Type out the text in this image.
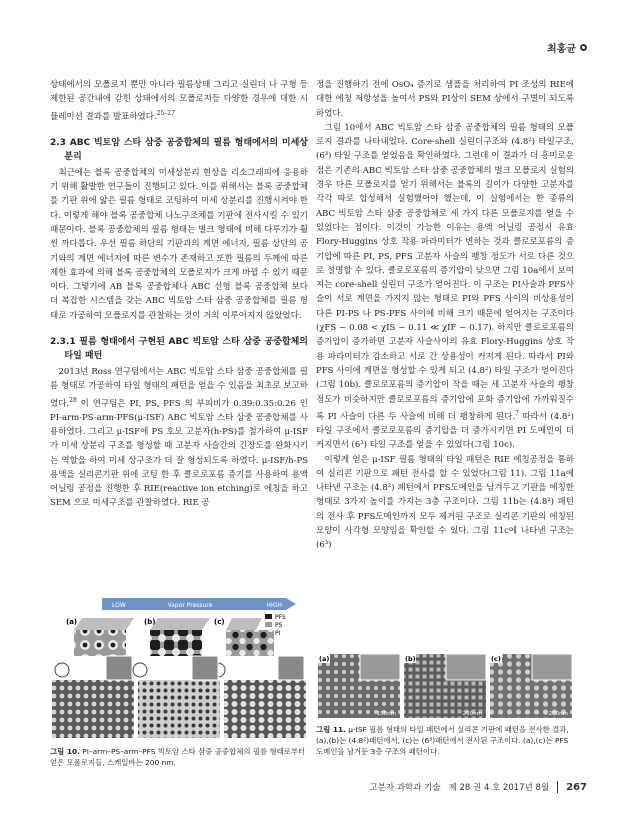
최홍균

상태에서의 모폴로지 뿐만 아니라 필름상태 그리고 실린더 나 구형 등 제한된 공간내에 갇힌 상태에서의 모폴로지등 다양한 경우에 대한 시뮬레이션 결과를 발표하였다.$^{25-27}$

2.3 ABC 빅토암 스타 삼중 공중합체의 필름 형태에서의 미세상분리

최근에는 블록 공중합체의 미세상분리 현상을 리소그래피에 응용하기 위해 활발한 연구들이 진행되고 있다. 이를 위해서는 블록 공중합체를 기판 위에 얇은 필름 형태로 코팅하여 미세 상분리를 진행시켜야 한다. 이렇게 해야 블록 공중합체 나노구조체를 기판에 전사시킬 수 있기 때문이다. 블록 공중합체의 필름 형태는 벌크 형태에 비해 다루기가 훨씬 까다롭다. 우선 필름 하단의 기판과의 계면 에너지, 필름 상단의 공기와의 계면 에너지에 따른 변수가 존재하고 또한 필름의 두께에 따른 제한 효과에 의해 블록 공중합체의 모폴로지가 크게 바뀔 수 있기 때문이다. 그렇기에 AB 블록 공중합체나 ABC 선형 블록 공중합체 보다 더 복잡한 시스템을 갖는 ABC 빅토암 스타 삼중 공중합체를 필름 형태로 가공하여 모폴로지를 관찰하는 것이 거의 이루어지지 않았었다.

2.3.1 필름 형태에서 구현된 ABC 빅토암 스타 삼중 공중합체의 타일 패턴

2013년 Ross 연구팀에서는 ABC 빅토암 스타 삼중 공중합체를 필름 형태로 가공하여 타일 형태의 패턴을 얻을 수 있음을 최초로 보고하였다.$^{28}$ 이 연구팀은 PI, PS, PFS 의 부피비가 0.39:0.35:0.26 인 PI-arm-PS-arm-PFS(μ-ISF) ABC 빅토암 스타 삼중 공중합체를 사용하였다. 그리고 μ-ISF에 PS 호모 고분자(h-PS)를 첨가하여 μ-ISF가 미세 상분리 구조를 형성할 때 고분자 사슬간의 긴장도를 완화시키는 역할을 하여 미세 상구조가 더 잘 형성되도록 하였다. μ-ISF/h-PS 용액을 실리콘기판 위에 코팅 한 후 클로로포름 증기를 사용하여 용액 어닐링 공정을 진행한 후 RIE(reactive ion etching)로 에칭을 하고 SEM 으로 미세구조를 관찰하였다. RIE 공

정을 진행하기 전에 OsO₄ 증기로 샘플을 처리하여 PI 조성의 RIE에 대한 에칭 저항성을 높여서 PS와 PI상이 SEM 상에서 구별이 되도록 하였다.

그림 10에서 ABC 빅토암 스타 삼중 공중합체의 필름 형태의 모폴로지 결과를 나타내었다. Core-shell 실린더구조와 (4.8²) 타일구조, (6³) 타일 구조를 얻었음을 확인하였다. 그런데 이 결과가 더 흥미로운 점은 기존의 ABC 빅토암 스타 삼중 공중합체의 벌크 모폴로지 실험의 경우 다른 모폴로지를 얻기 위해서는 블록의 길이가 다양한 고분자를 각각 따로 합성해서 실험했어야 했는데, 이 실험에서는 한 종류의 ABC 빅토암 스타 삼중 공중합체로 세 가지 다른 모폴로지를 얻을 수 있었다는 점이다. 이것이 가능한 이유는 용액 어닐링 공정시 유효 Flory-Huggins 상호 작용 파라미터가 변하는 것과 클로로포름의 증기압에 따른 PI, PS, PFS 고분자 사슬의 팽창 정도가 서로 다른 것으로 설명할 수 있다. 클로로포름의 증기압이 낮으면 그림 10a에서 보여지는 core-shell 실린더 구조가 얻어진다. 이 구조는 PI사슬과 PFS사슬이 서로 계면을 가지지 않는 형태로 PI와 PFS 사이의 비상용성이 다른 PI-PS 나 PS-PFS 사이에 비해 크기 때문에 얻어지는 구조이다(χFS ~ 0.08 < χIS ~ 0.11 ≪ χIF ~ 0.17). 하지만 클로로포름의 증기압이 증가하면 고분자 사슬사이의 유효 Flory-Huggins 상호 작용 파라미터가 감소하고 서로 간 상용성이 커지게 된다. 따라서 PI와 PFS 사이에 계면을 형성할 수 있게 되고 (4.8²) 타일 구조가 얻어진다(그림 10b). 클로로포름의 증기압이 작을 때는 세 고분자 사슬의 팽창 정도가 비슷하지만 클로로포름의 증기압에 포화 증기압에 가까워질수록 PI 사슬이 다른 두 사슬에 비해 더 팽창하게 된다.$^7$ 따라서 (4.8²) 타일 구조에서 클로로포름의 증기압을 더 증가시키면 PI 도메인이 더 커지면서 (6³) 타일 구조를 얻을 수 있었다(그림 10c).

이렇게 얻은 μ-ISF 필름 형태의 타일 패턴은 RIE 에칭공정을 통하여 실리콘 기판으로 패턴 전사를 할 수 있었다(그림 11). 그림 11a에 나타낸 구조는 (4.8²) 패턴에서 PFS도메인을 남겨두고 기판을 에칭한 형태로 3가지 높이를 가지는 3층 구조이다. 그림 11b는 (4.8²) 패턴의 전사 후 PFS도메인까지 모두 제거된 구조로 실리콘 기판의 에칭된 모양이 사각형 모양임을 확인할 수 있다. 그림 11c에 나타낸 구조는 (6³)

LOW	Vapor Pressure	HIGH
PFS
PS
PI
(a)	(b)	(c)
그림 10. PI–arm–PS–arm–PFS 빅토암 스타 삼중 공중합체의 필름 형태로부터 얻은 모폴로지들, 스케일바는 200 nm.
(a)	(b)	(c)
150nm	200nm	200nm
그림 11. μ-ISF 필름 형태의 타일 패턴에서 실리콘 기판에 패턴을 전사한 결과, (a),(b)는 (4.8²)패턴에서, (c)는 (6³)패턴에서 전사된 구조이다. (a),(c)는 PFS도메인을 남겨둔 3층 구조의 패턴이다.
고분자 과학과 기술 제 28 권 4 호 2017년 8월 267
